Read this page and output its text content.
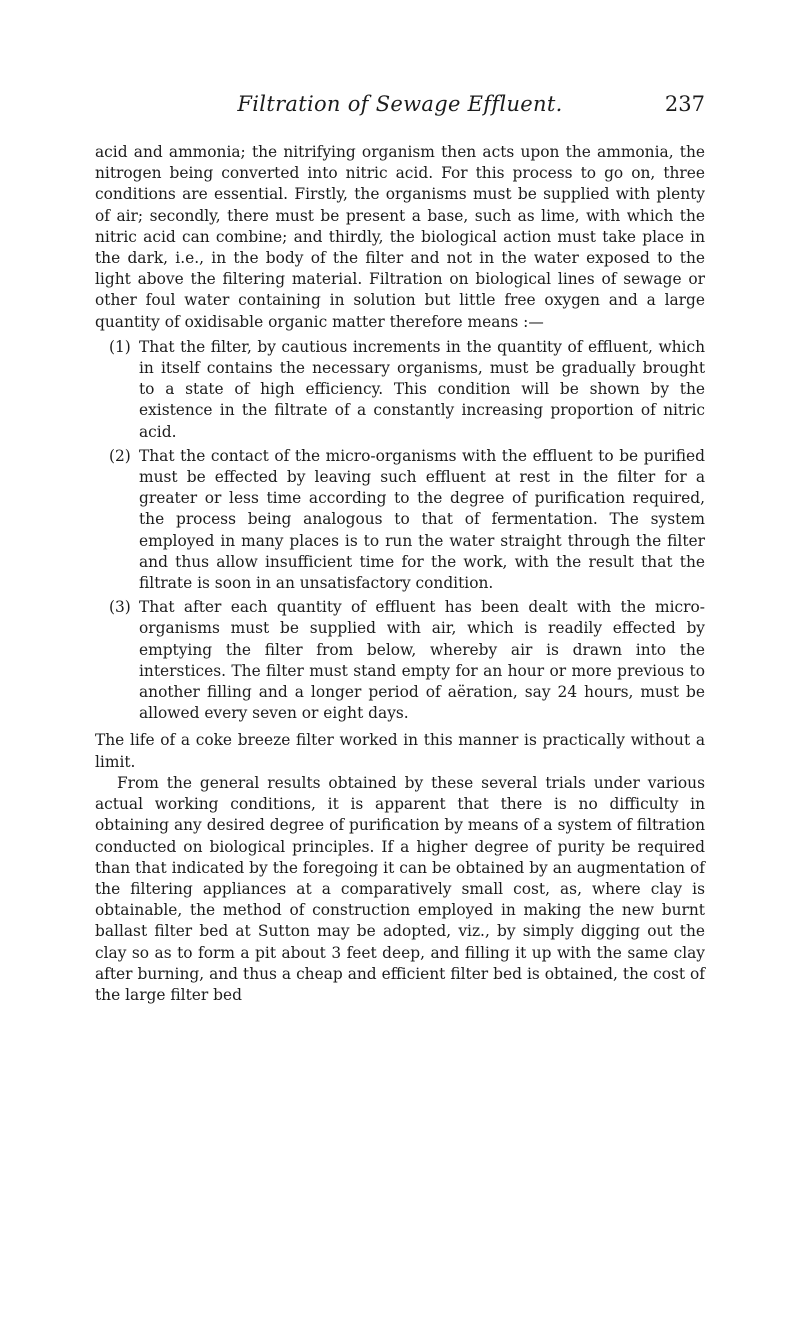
Filtration of Sewage Effluent.	237

acid and ammonia; the nitrifying organism then acts upon the ammonia, the nitrogen being converted into nitric acid. For this process to go on, three conditions are essential. Firstly, the organisms must be supplied with plenty of air; secondly, there must be present a base, such as lime, with which the nitric acid can combine; and thirdly, the biological action must take place in the dark, i.e., in the body of the filter and not in the water exposed to the light above the filtering material. Filtration on biological lines of sewage or other foul water containing in solution but little free oxygen and a large quantity of oxidisable organic matter therefore means :—

(1) That the filter, by cautious increments in the quantity of effluent, which in itself contains the necessary organisms, must be gradually brought to a state of high efficiency. This condition will be shown by the existence in the filtrate of a constantly increasing proportion of nitric acid.
(2) That the contact of the micro-organisms with the effluent to be purified must be effected by leaving such effluent at rest in the filter for a greater or less time according to the degree of purification required, the process being analogous to that of fermentation. The system employed in many places is to run the water straight through the filter and thus allow insufficient time for the work, with the result that the filtrate is soon in an unsatisfactory condition.
(3) That after each quantity of effluent has been dealt with the micro-organisms must be supplied with air, which is readily effected by emptying the filter from below, whereby air is drawn into the interstices. The filter must stand empty for an hour or more previous to another filling and a longer period of aëration, say 24 hours, must be allowed every seven or eight days.

The life of a coke breeze filter worked in this manner is practically without a limit.

From the general results obtained by these several trials under various actual working conditions, it is apparent that there is no difficulty in obtaining any desired degree of purification by means of a system of filtration conducted on biological principles. If a higher degree of purity be required than that indicated by the foregoing it can be obtained by an augmentation of the filtering appliances at a comparatively small cost, as, where clay is obtainable, the method of construction employed in making the new burnt ballast filter bed at Sutton may be adopted, viz., by simply digging out the clay so as to form a pit about 3 feet deep, and filling it up with the same clay after burning, and thus a cheap and efficient filter bed is obtained, the cost of the large filter bed
